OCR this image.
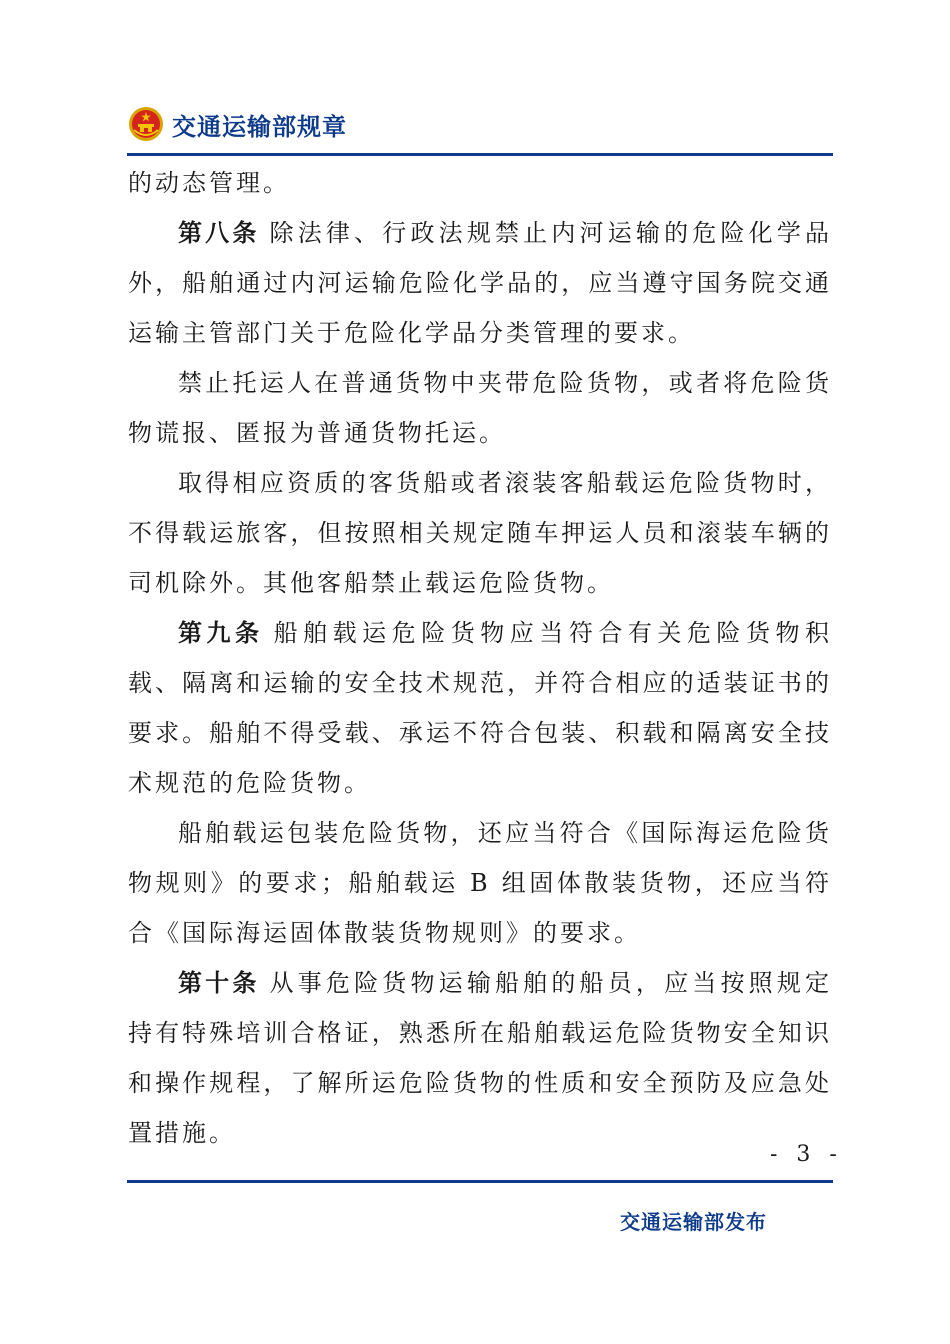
交通运输部规章

的动态管理。

第八条 除法律、行政法规禁止内河运输的危险化学品外，船舶通过内河运输危险化学品的，应当遵守国务院交通运输主管部门关于危险化学品分类管理的要求。

禁止托运人在普通货物中夹带危险货物，或者将危险货物谎报、匿报为普通货物托运。

取得相应资质的客货船或者滚装客船载运危险货物时，不得载运旅客，但按照相关规定随车押运人员和滚装车辆的司机除外。其他客船禁止载运危险货物。

第九条 船舶载运危险货物应当符合有关危险货物积载、隔离和运输的安全技术规范，并符合相应的适装证书的要求。船舶不得受载、承运不符合包装、积载和隔离安全技术规范的危险货物。

船舶载运包装危险货物，还应当符合《国际海运危险货物规则》的要求；船舶载运 B 组固体散装货物，还应当符合《国际海运固体散装货物规则》的要求。

第十条 从事危险货物运输船舶的船员，应当按照规定持有特殊培训合格证，熟悉所在船舶载运危险货物安全知识和操作规程，了解所运危险货物的性质和安全预防及应急处置措施。

- 3 -
交通运输部发布
